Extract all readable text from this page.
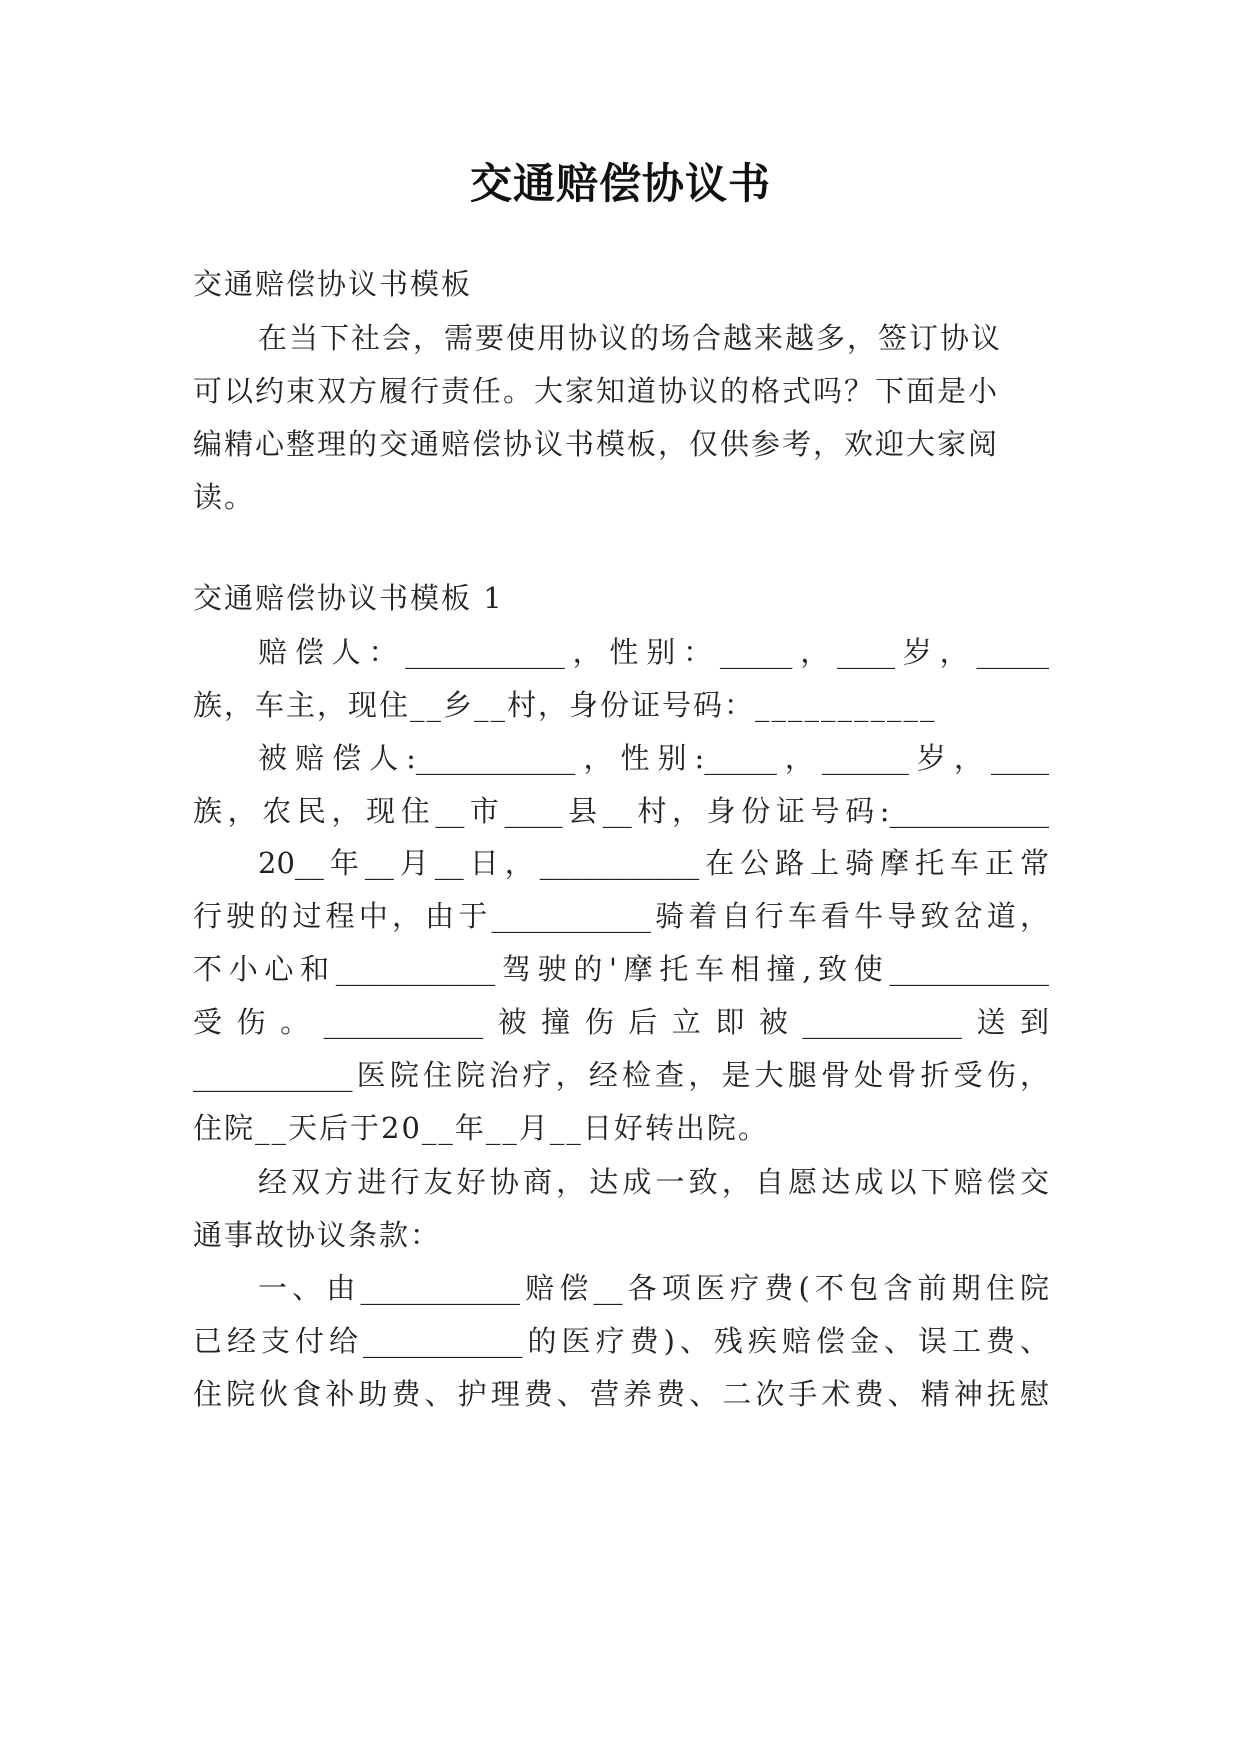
交通赔偿协议书
交通赔偿协议书模板
在当下社会，需要使用协议的场合越来越多，签订协议
可以约束双方履行责任。大家知道协议的格式吗？下面是小
编精心整理的交通赔偿协议书模板，仅供参考，欢迎大家阅
读。
交通赔偿协议书模板 1
赔偿人：___________，性别：_____，____岁，_____
族，车主，现住__乡__村，身份证号码：___________
被赔偿人:___________，性别:_____，______岁，____
族，农民，现住__市____县__村，身份证号码:___________
20__年__月__日，___________在公路上骑摩托车正常
行驶的过程中，由于___________骑着自行车看牛导致岔道，
不小心和___________驾驶的'摩托车相撞,致使___________
受伤。___________被撞伤后立即被___________送到
___________医院住院治疗，经检查，是大腿骨处骨折受伤，
住院__天后于20__年__月__日好转出院。
经双方进行友好协商，达成一致，自愿达成以下赔偿交
通事故协议条款：
一、由___________赔偿__各项医疗费(不包含前期住院
已经支付给___________的医疗费)、残疾赔偿金、误工费、
住院伙食补助费、护理费、营养费、二次手术费、精神抚慰
